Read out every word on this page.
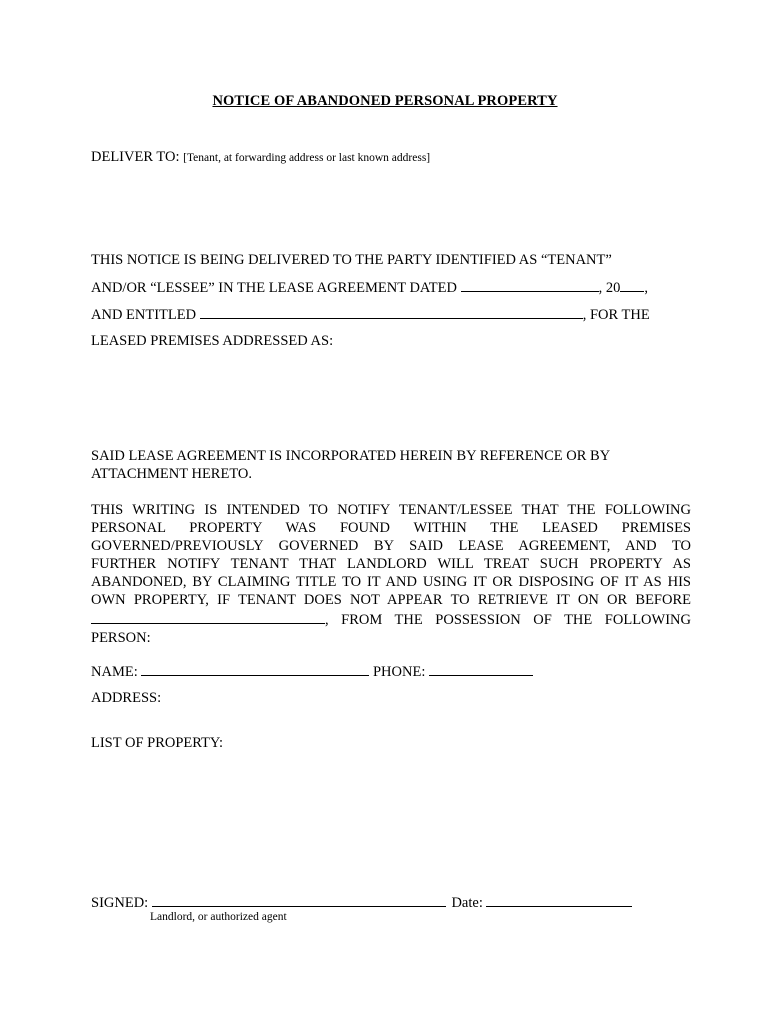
NOTICE OF ABANDONED PERSONAL PROPERTY
DELIVER TO: [Tenant, at forwarding address or last known address]
THIS NOTICE IS BEING DELIVERED TO THE PARTY IDENTIFIED AS “TENANT”
AND/OR “LESSEE” IN THE LEASE AGREEMENT DATED	, 20 ,
AND ENTITLED	, FOR THE
LEASED PREMISES ADDRESSED AS:
SAID LEASE AGREEMENT IS INCORPORATED HEREIN BY REFERENCE OR BY
ATTACHMENT HERETO.
THIS WRITING IS INTENDED TO NOTIFY TENANT/LESSEE THAT THE FOLLOWING
PERSONAL PROPERTY WAS FOUND WITHIN THE LEASED PREMISES
GOVERNED/PREVIOUSLY GOVERNED BY SAID LEASE AGREEMENT, AND TO
FURTHER NOTIFY TENANT THAT LANDLORD WILL TREAT SUCH PROPERTY AS
ABANDONED, BY CLAIMING TITLE TO IT AND USING IT OR DISPOSING OF IT AS HIS
OWN PROPERTY, IF TENANT DOES NOT APPEAR TO RETRIEVE IT ON OR BEFORE
, FROM THE POSSESSION OF THE FOLLOWING
PERSON:
NAME:	PHONE:
ADDRESS:
LIST OF PROPERTY:
SIGNED:	Date:
Landlord, or authorized agent
